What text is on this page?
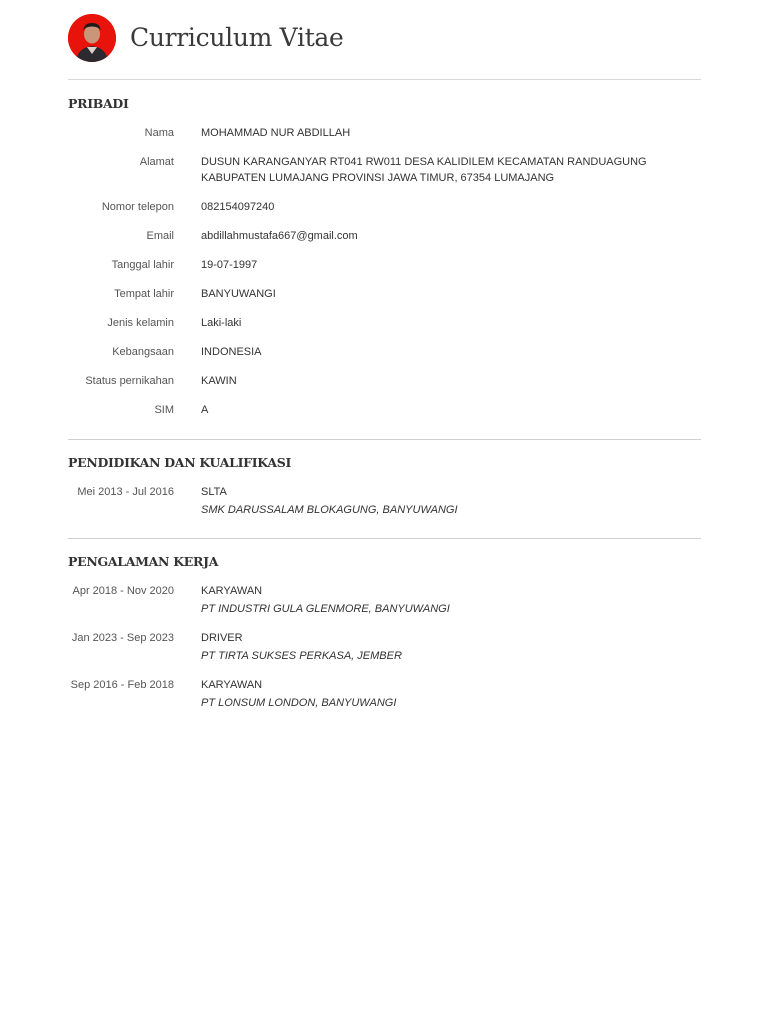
Curriculum Vitae
PRIBADI
Nama MOHAMMAD NUR ABDILLAH
Alamat DUSUN KARANGANYAR RT041 RW011 DESA KALIDILEM KECAMATAN RANDUAGUNG KABUPATEN LUMAJANG PROVINSI JAWA TIMUR, 67354 LUMAJANG
Nomor telepon 082154097240
Email abdillahmustafa667@gmail.com
Tanggal lahir 19-07-1997
Tempat lahir BANYUWANGI
Jenis kelamin Laki-laki
Kebangsaan INDONESIA
Status pernikahan KAWIN
SIM A
PENDIDIKAN DAN KUALIFIKASI
Mei 2013 - Jul 2016 SLTA
SMK DARUSSALAM BLOKAGUNG, BANYUWANGI
PENGALAMAN KERJA
Apr 2018 - Nov 2020 KARYAWAN
PT INDUSTRI GULA GLENMORE, BANYUWANGI
Jan 2023 - Sep 2023 DRIVER
PT TIRTA SUKSES PERKASA, JEMBER
Sep 2016 - Feb 2018 KARYAWAN
PT LONSUM LONDON, BANYUWANGI
